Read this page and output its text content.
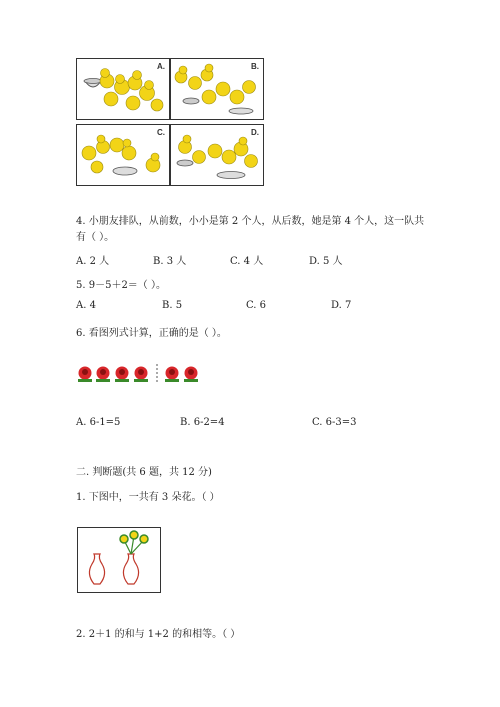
A.	B.
C.	D.
4. 小朋友排队，从前数，小小是第 2 个人，从后数，她是第 4 个人，这一队共
有（ ）。
A. 2 人	B. 3 人	C. 4 人	D. 5 人
5. 9－5＋2＝（ ）。
A. 4	B. 5	C. 6	D. 7
6. 看图列式计算，正确的是（ ）。
A. 6-1=5	B. 6-2=4	C. 6-3=3
二. 判断题(共 6 题，共 12 分)
1. 下图中，一共有 3 朵花。（ ）
2. 2＋1 的和与 1+2 的和相等。（ ）
